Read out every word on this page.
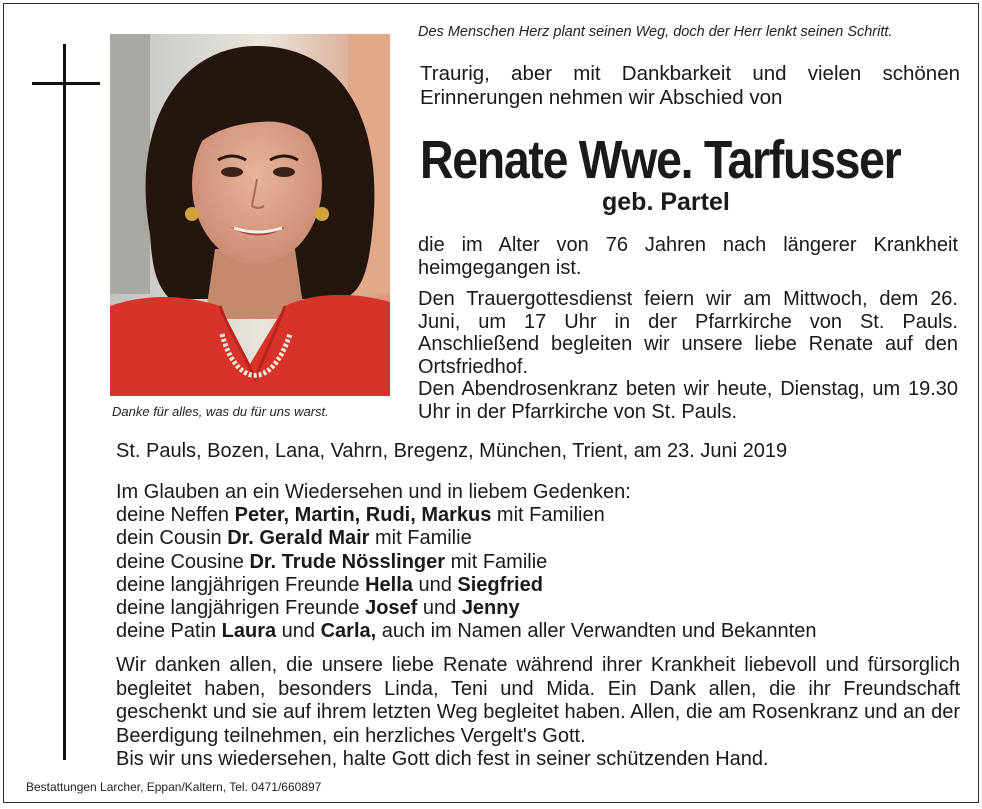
Danke für alles, was du für uns warst.
Des Menschen Herz plant seinen Weg, doch der Herr lenkt seinen Schritt.
Traurig, aber mit Dankbarkeit und vielen schönen Erinnerungen nehmen wir Abschied von
Renate Wwe. Tarfusser
geb. Partel
die im Alter von 76 Jahren nach längerer Krankheit heimgegangen ist.
Den Trauergottesdienst feiern wir am Mittwoch, dem 26. Juni, um 17 Uhr in der Pfarrkirche von St. Pauls. Anschließend begleiten wir unsere liebe Renate auf den Ortsfriedhof.
Den Abendrosenkranz beten wir heute, Dienstag, um 19.30 Uhr in der Pfarrkirche von St. Pauls.
St. Pauls, Bozen, Lana, Vahrn, Bregenz, München, Trient, am 23. Juni 2019
Im Glauben an ein Wiedersehen und in liebem Gedenken:
deine Neffen Peter, Martin, Rudi, Markus mit Familien
dein Cousin Dr. Gerald Mair mit Familie
deine Cousine Dr. Trude Nösslinger mit Familie
deine langjährigen Freunde Hella und Siegfried
deine langjährigen Freunde Josef und Jenny
deine Patin Laura und Carla, auch im Namen aller Verwandten und Bekannten
Wir danken allen, die unsere liebe Renate während ihrer Krankheit liebevoll und fürsorglich begleitet haben, besonders Linda, Teni und Mida. Ein Dank allen, die ihr Freundschaft geschenkt und sie auf ihrem letzten Weg begleitet haben. Allen, die am Rosenkranz und an der Beerdigung teilnehmen, ein herzliches Vergelt's Gott.
Bis wir uns wiedersehen, halte Gott dich fest in seiner schützenden Hand.
Bestattungen Larcher, Eppan/Kaltern, Tel. 0471/660897
